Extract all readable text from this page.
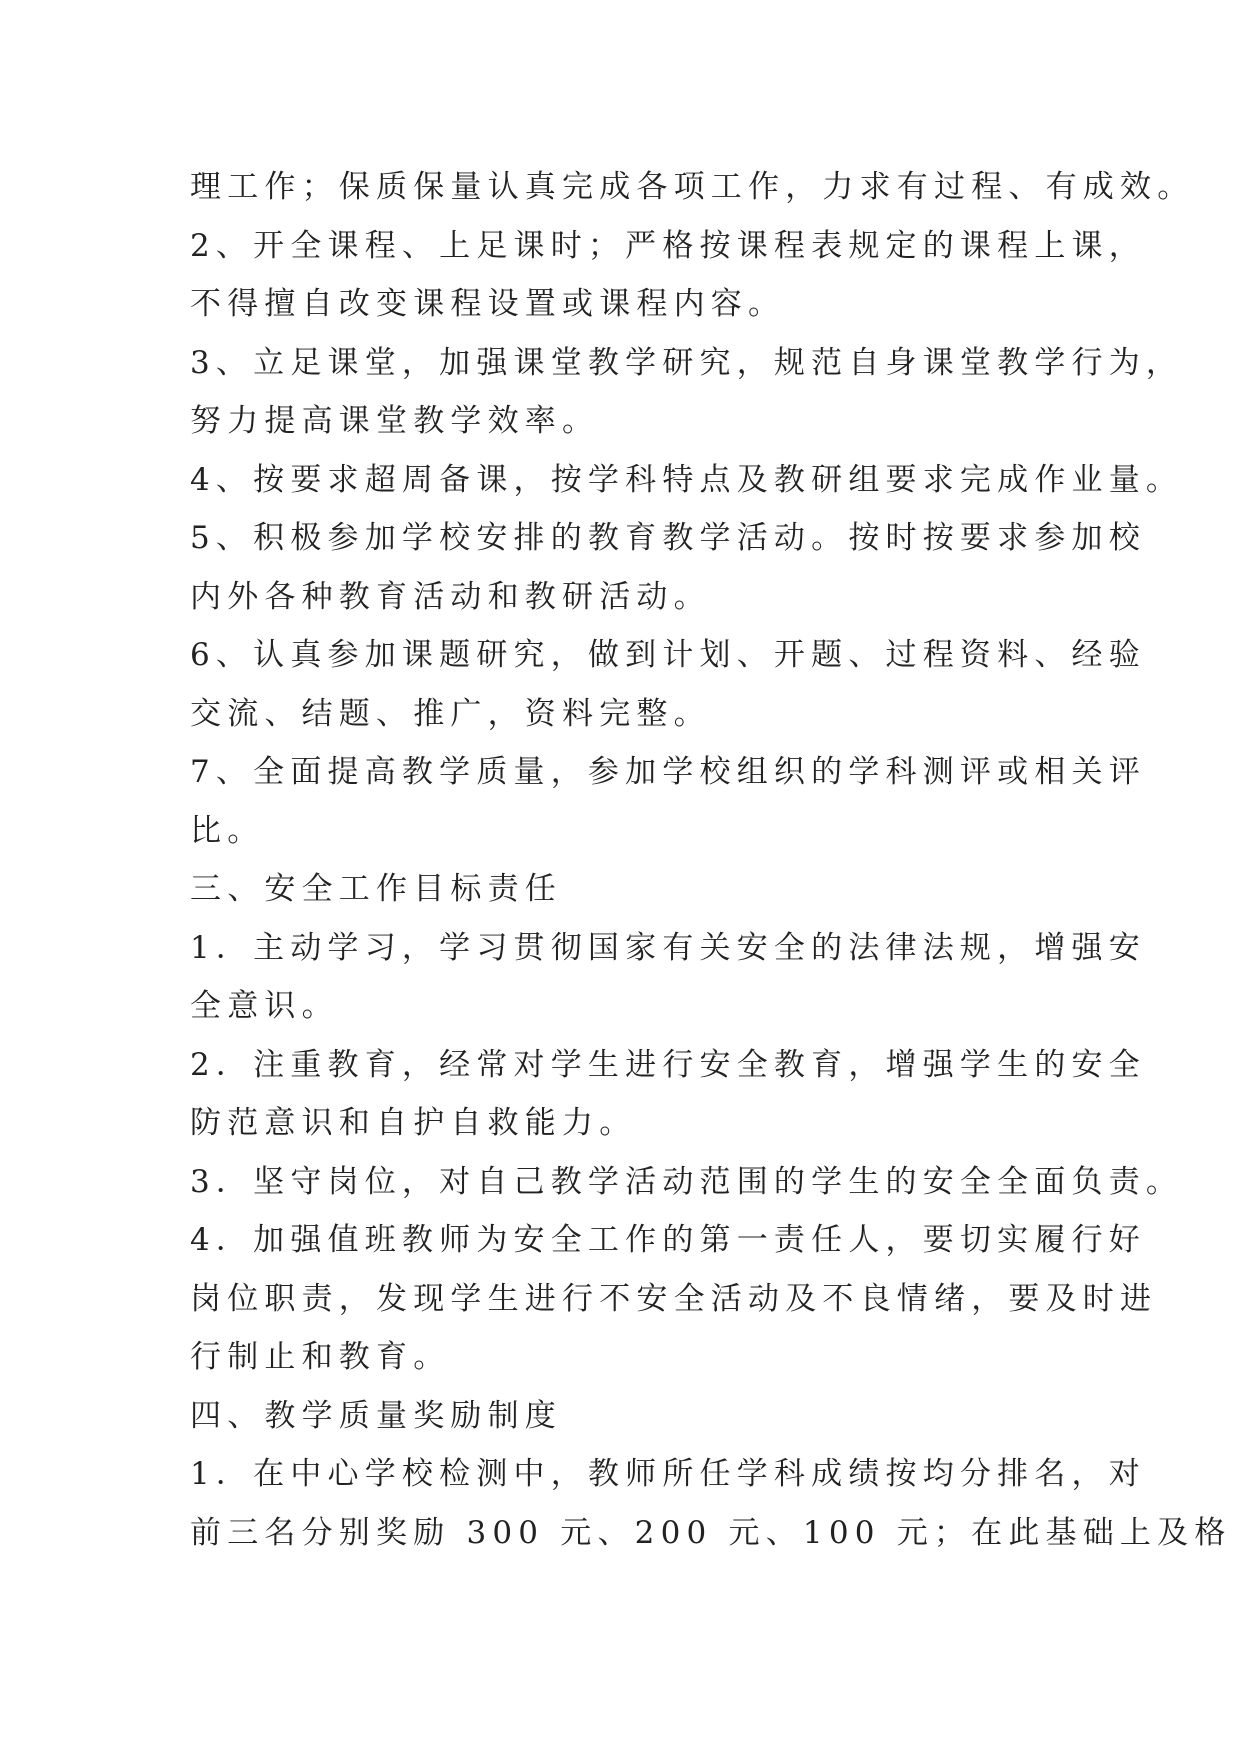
理工作；保质保量认真完成各项工作，力求有过程、有成效。
2、开全课程、上足课时；严格按课程表规定的课程上课，
不得擅自改变课程设置或课程内容。
3、立足课堂，加强课堂教学研究，规范自身课堂教学行为，
努力提高课堂教学效率。
4、按要求超周备课，按学科特点及教研组要求完成作业量。
5、积极参加学校安排的教育教学活动。按时按要求参加校
内外各种教育活动和教研活动。
6、认真参加课题研究，做到计划、开题、过程资料、经验
交流、结题、推广，资料完整。
7、全面提高教学质量，参加学校组织的学科测评或相关评
比。
三、安全工作目标责任
1．主动学习，学习贯彻国家有关安全的法律法规，增强安
全意识。
2．注重教育，经常对学生进行安全教育，增强学生的安全
防范意识和自护自救能力。
3．坚守岗位，对自己教学活动范围的学生的安全全面负责。
4．加强值班教师为安全工作的第一责任人，要切实履行好
岗位职责，发现学生进行不安全活动及不良情绪，要及时进
行制止和教育。
四、教学质量奖励制度
1．在中心学校检测中，教师所任学科成绩按均分排名，对
前三名分别奖励 300 元、200 元、100 元；在此基础上及格
